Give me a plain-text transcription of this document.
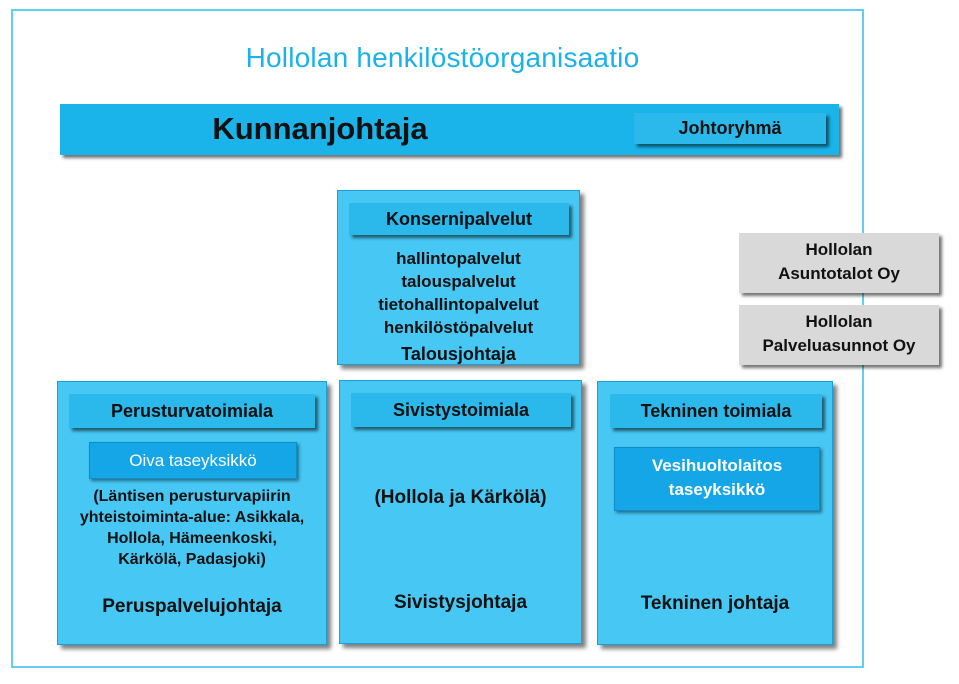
Hollolan henkilöstöorganisaatio
Kunnanjohtaja	Johtoryhmä
Konsernipalvelut
hallintopalvelut
talouspalvelut
tietohallintopalvelut
henkilöstöpalvelut
Talousjohtaja
Hollolan
Asuntotalot Oy
Hollolan
Palveluasunnot Oy
Perusturvatoimiala
Oiva taseyksikkö
(Läntisen perusturvapiirin
yhteistoiminta-alue: Asikkala,
Hollola, Hämeenkoski,
Kärkölä, Padasjoki)
Peruspalvelujohtaja
Sivistystoimiala
(Hollola ja Kärkölä)
Sivistysjohtaja
Tekninen toimiala
Vesihuoltolaitos
taseyksikkö
Tekninen johtaja
